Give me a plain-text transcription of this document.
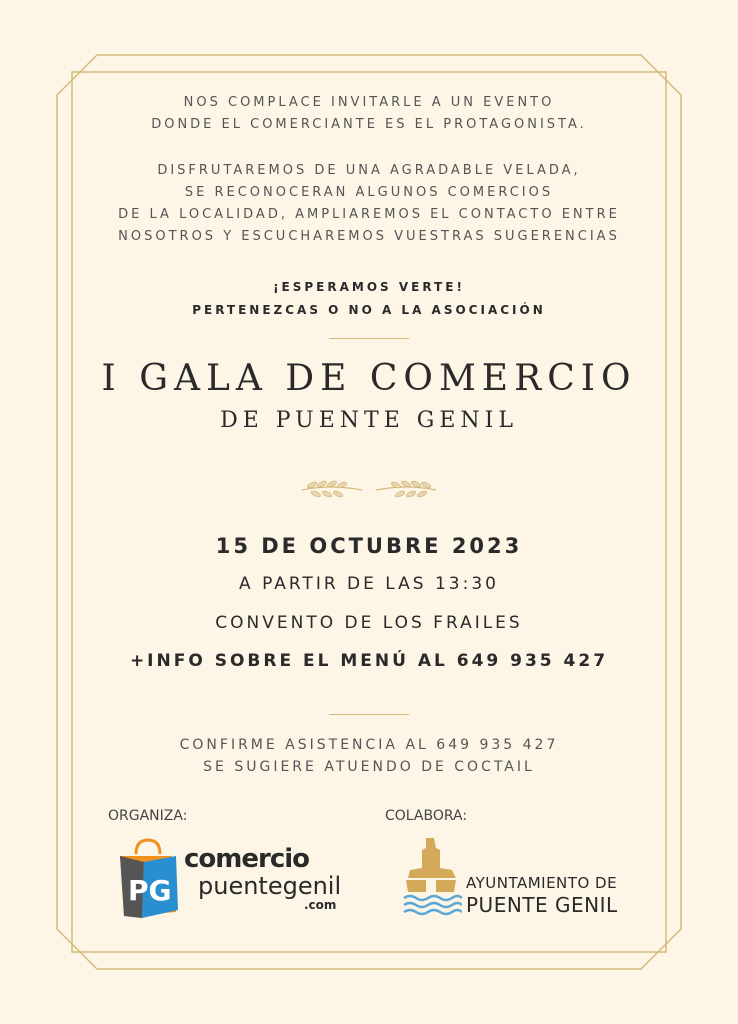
NOS COMPLACE INVITARLE A UN EVENTO

DONDE EL COMERCIANTE ES EL PROTAGONISTA.

DISFRUTAREMOS DE UNA AGRADABLE VELADA,

SE RECONOCERAN ALGUNOS COMERCIOS

DE LA LOCALIDAD, AMPLIAREMOS EL CONTACTO ENTRE

NOSOTROS Y ESCUCHAREMOS VUESTRAS SUGERENCIAS

¡ESPERAMOS VERTE!
PERTENEZCAS O NO A LA ASOCIACIÓN
I GALA DE COMERCIO
DE PUENTE GENIL
15 DE OCTUBRE 2023
A PARTIR DE LAS 13:30
CONVENTO DE LOS FRAILES
+INFO SOBRE EL MENÚ AL 649 935 427

CONFIRME ASISTENCIA AL 649 935 427

SE SUGIERE ATUENDO DE COCTAIL

ORGANIZA:	COLABORA:
PG
comercio
puentegenil
.com
AYUNTAMIENTO DE
PUENTE GENIL
